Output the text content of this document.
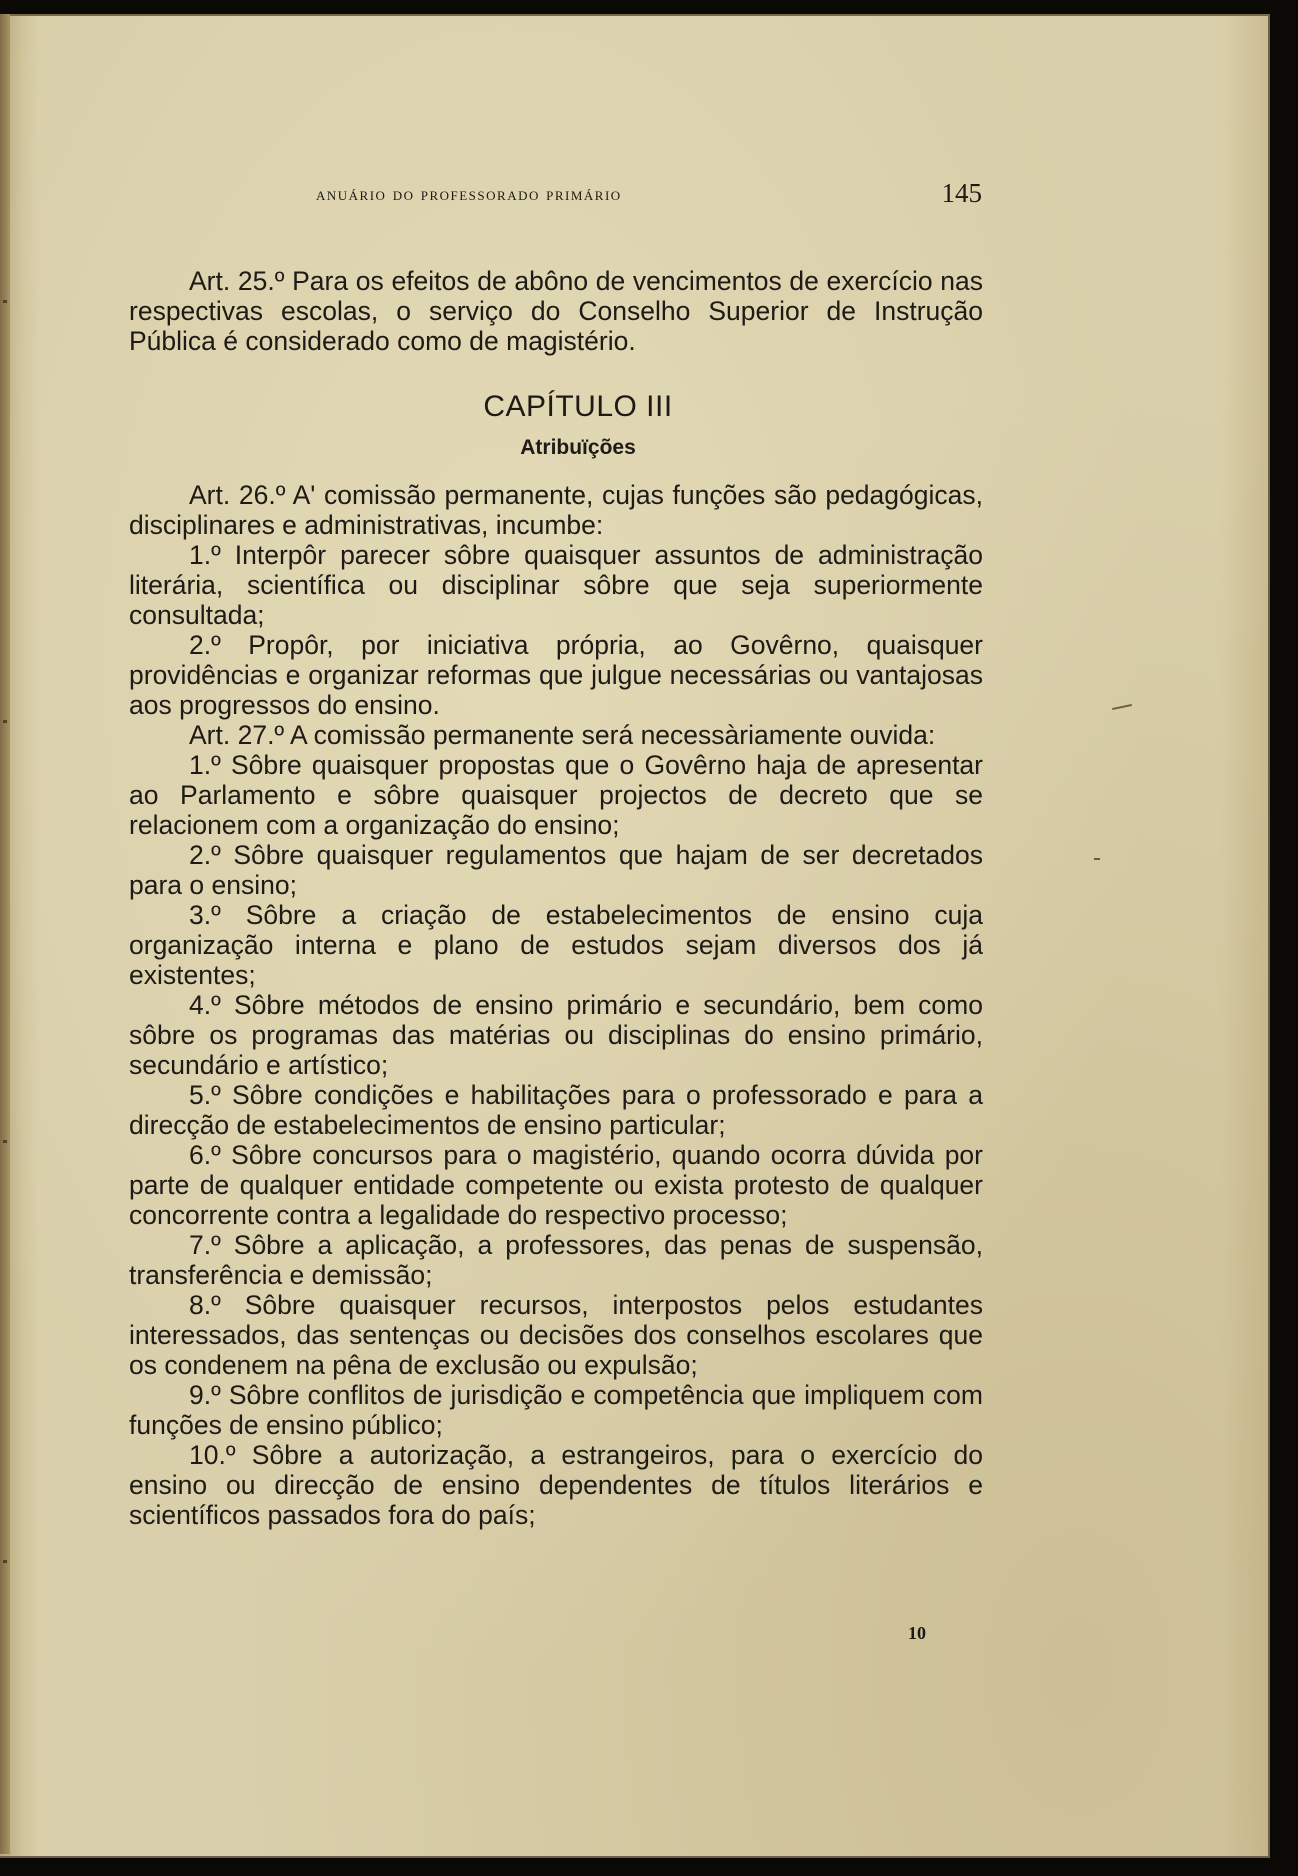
anuário do professorado primário	145

Art. 25.º Para os efeitos de abôno de vencimentos de exercício nas respectivas escolas, o serviço do Conselho Superior de Instrução Pública é considerado como de magistério.

CAPÍTULO III
Atribuïções

Art. 26.º A' comissão permanente, cujas funções são pedagógicas, disciplinares e administrativas, incumbe:

1.º Interpôr parecer sôbre quaisquer assuntos de administração literária, scientífica ou disciplinar sôbre que seja superiormente consultada;

2.º Propôr, por iniciativa própria, ao Govêrno, quaisquer providências e organizar reformas que julgue necessárias ou vantajosas aos progressos do ensino.

Art. 27.º A comissão permanente será necessàriamente ouvida:

1.º Sôbre quaisquer propostas que o Govêrno haja de apresentar ao Parlamento e sôbre quaisquer projectos de decreto que se relacionem com a organização do ensino;

2.º Sôbre quaisquer regulamentos que hajam de ser decretados para o ensino;

3.º Sôbre a criação de estabelecimentos de ensino cuja organização interna e plano de estudos sejam diversos dos já existentes;

4.º Sôbre métodos de ensino primário e secundário, bem como sôbre os programas das matérias ou disciplinas do ensino primário, secundário e artístico;

5.º Sôbre condições e habilitações para o professorado e para a direcção de estabelecimentos de ensino particular;

6.º Sôbre concursos para o magistério, quando ocorra dúvida por parte de qualquer entidade competente ou exista protesto de qualquer concorrente contra a legalidade do respectivo processo;

7.º Sôbre a aplicação, a professores, das penas de suspensão, transferência e demissão;

8.º Sôbre quaisquer recursos, interpostos pelos estudantes interessados, das sentenças ou decisões dos conselhos escolares que os condenem na pêna de exclusão ou expulsão;

9.º Sôbre conflitos de jurisdição e competência que impliquem com funções de ensino público;

10.º Sôbre a autorização, a estrangeiros, para o exercício do ensino ou direcção de ensino dependentes de títulos literários e scientíficos passados fora do país;

10
